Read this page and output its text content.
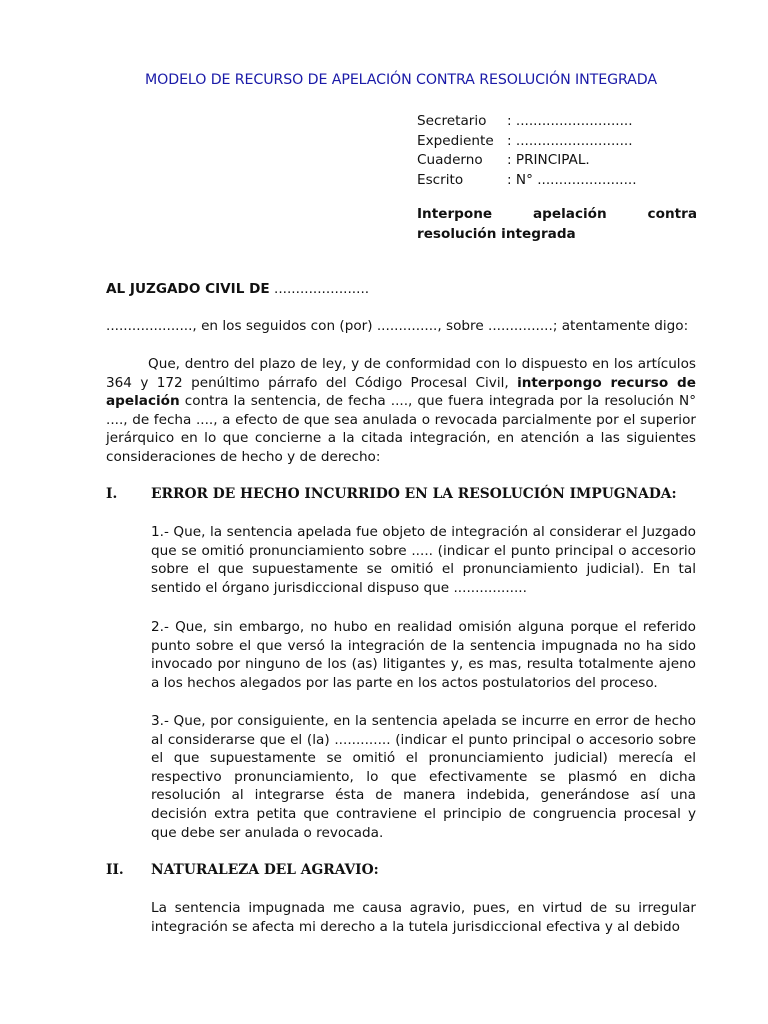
MODELO DE RECURSO DE APELACIÓN CONTRA RESOLUCIÓN INTEGRADA
Secretario	: ...........................
Expediente : ...........................
Cuaderno	: PRINCIPAL.
Escrito	: N° .......................
Interpone	apelación	contra
resolución integrada
AL JUZGADO CIVIL DE ......................
...................., en los seguidos con (por) .............., sobre ...............; atentamente digo:
Que, dentro del plazo de ley, y de conformidad con lo dispuesto en los artículos 364 y 172 penúltimo párrafo del Código Procesal Civil, interpongo recurso de apelación contra la sentencia, de fecha ...., que fuera integrada por la resolución N° ...., de fecha ...., a efecto de que sea anulada o revocada parcialmente por el superior jerárquico en lo que concierne a la citada integración, en atención a las siguientes consideraciones de hecho y de derecho:
I. ERROR DE HECHO INCURRIDO EN LA RESOLUCIÓN IMPUGNADA:
1.- Que, la sentencia apelada fue objeto de integración al considerar el Juzgado que se omitió pronunciamiento sobre ..... (indicar el punto principal o accesorio sobre el que supuestamente se omitió el pronunciamiento judicial). En tal sentido el órgano jurisdiccional dispuso que .................
2.- Que, sin embargo, no hubo en realidad omisión alguna porque el referido punto sobre el que versó la integración de la sentencia impugnada no ha sido invocado por ninguno de los (as) litigantes y, es mas, resulta totalmente ajeno a los hechos alegados por las parte en los actos postulatorios del proceso.
3.- Que, por consiguiente, en la sentencia apelada se incurre en error de hecho al considerarse que el (la) ............. (indicar el punto principal o accesorio sobre el que supuestamente se omitió el pronunciamiento judicial) merecía el respectivo pronunciamiento, lo que efectivamente se plasmó en dicha resolución al integrarse ésta de manera indebida, generándose así una decisión extra petita que contraviene el principio de congruencia procesal y que debe ser anulada o revocada.
II. NATURALEZA DEL AGRAVIO:
La sentencia impugnada me causa agravio, pues, en virtud de su irregular integración se afecta mi derecho a la tutela jurisdiccional efectiva y al debido
